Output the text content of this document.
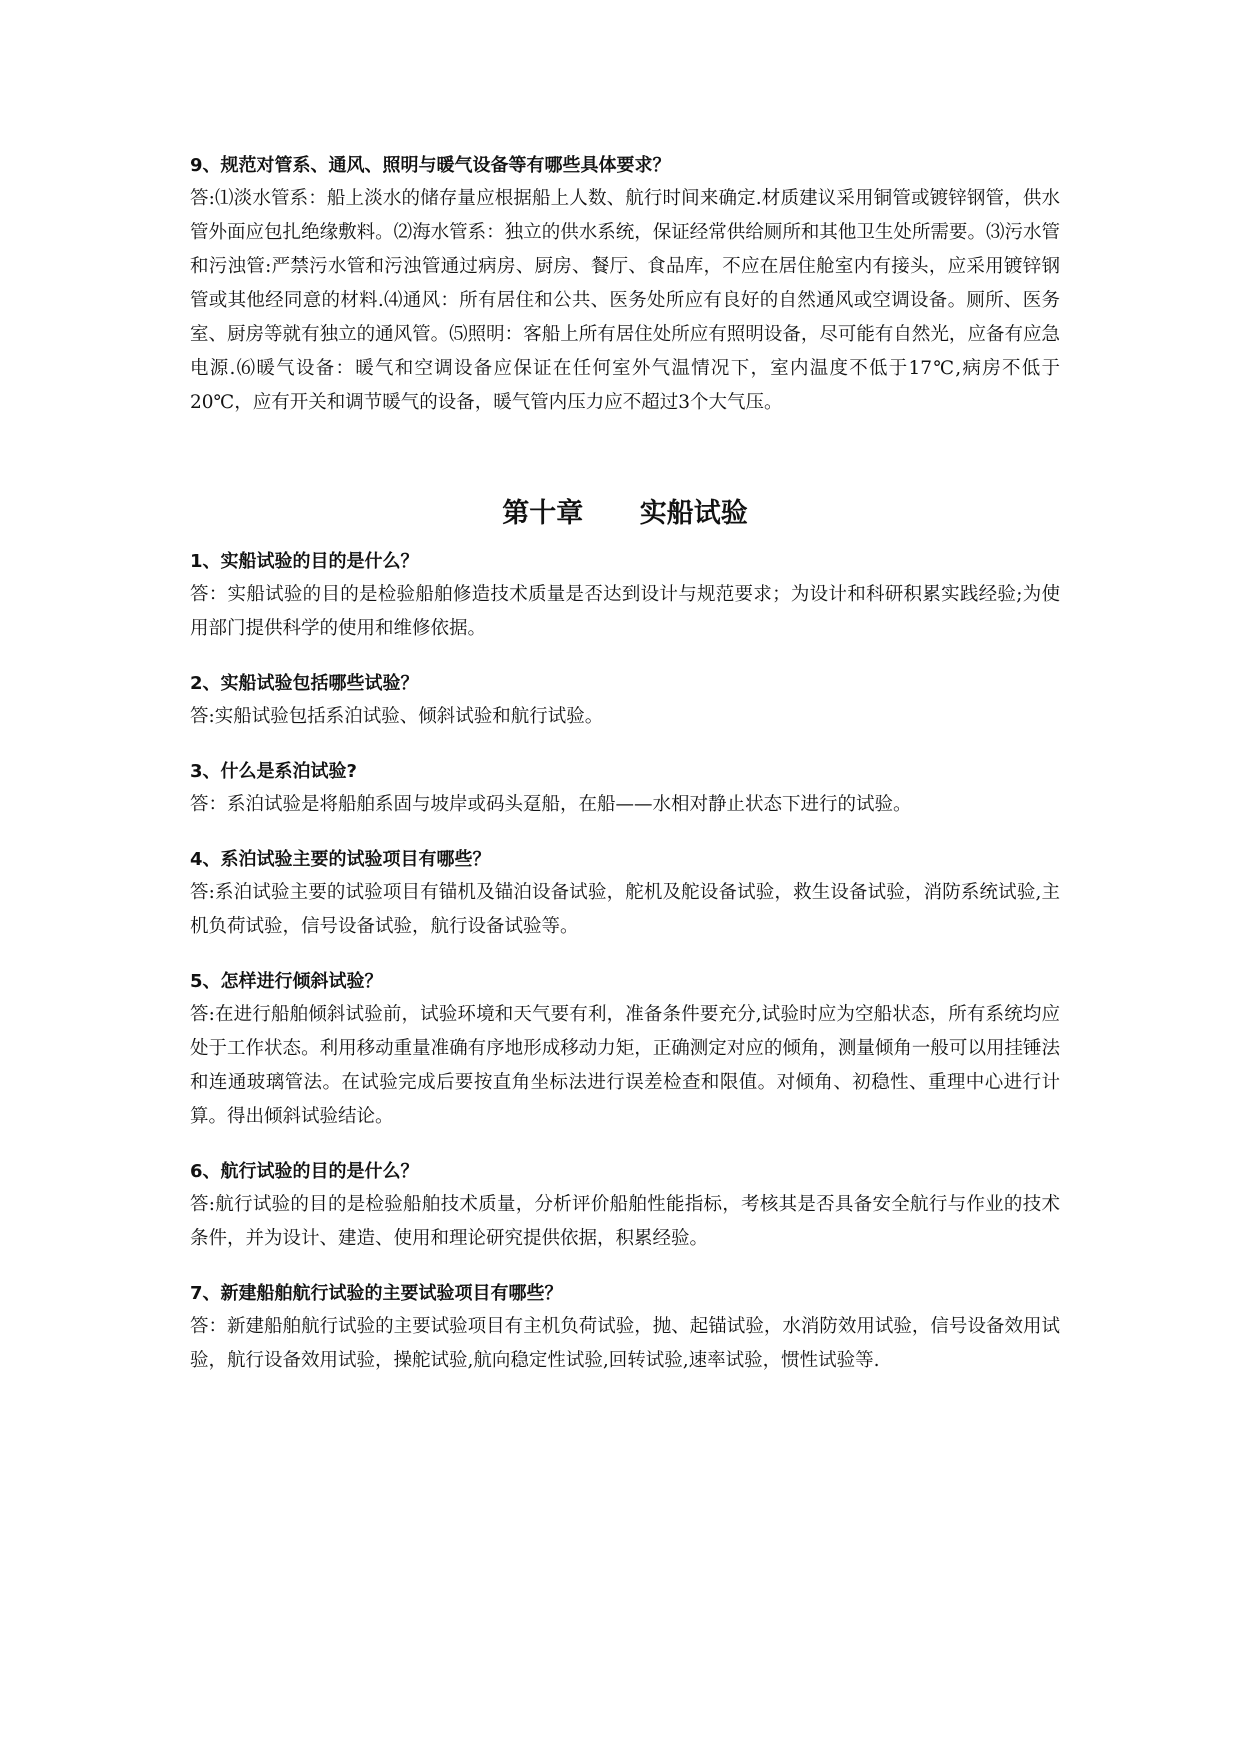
9、规范对管系、通风、照明与暖气设备等有哪些具体要求？

答:⑴淡水管系：船上淡水的储存量应根据船上人数、航行时间来确定.材质建议采用铜管或镀锌钢管，供水管外面应包扎绝缘敷料。⑵海水管系：独立的供水系统，保证经常供给厕所和其他卫生处所需要。⑶污水管和污浊管:严禁污水管和污浊管通过病房、厨房、餐厅、食品库，不应在居住舱室内有接头，应采用镀锌钢管或其他经同意的材料.⑷通风：所有居住和公共、医务处所应有良好的自然通风或空调设备。厕所、医务室、厨房等就有独立的通风管。⑸照明：客船上所有居住处所应有照明设备，尽可能有自然光，应备有应急电源.⑹暖气设备：暖气和空调设备应保证在任何室外气温情况下，室内温度不低于17℃,病房不低于20℃，应有开关和调节暖气的设备，暖气管内压力应不超过3个大气压。

第十章      实船试验

1、实船试验的目的是什么？

答：实船试验的目的是检验船舶修造技术质量是否达到设计与规范要求；为设计和科研积累实践经验;为使用部门提供科学的使用和维修依据。

2、实船试验包括哪些试验？

答:实船试验包括系泊试验、倾斜试验和航行试验。

3、什么是系泊试验?

答：系泊试验是将船舶系固与坡岸或码头趸船，在船——水相对静止状态下进行的试验。

4、系泊试验主要的试验项目有哪些？

答:系泊试验主要的试验项目有锚机及锚泊设备试验，舵机及舵设备试验，救生设备试验，消防系统试验,主机负荷试验，信号设备试验，航行设备试验等。

5、怎样进行倾斜试验？

答:在进行船舶倾斜试验前，试验环境和天气要有利，准备条件要充分,试验时应为空船状态，所有系统均应处于工作状态。利用移动重量准确有序地形成移动力矩，正确测定对应的倾角，测量倾角一般可以用挂锤法和连通玻璃管法。在试验完成后要按直角坐标法进行误差检查和限值。对倾角、初稳性、重理中心进行计算。得出倾斜试验结论。

6、航行试验的目的是什么？

答:航行试验的目的是检验船舶技术质量，分析评价船舶性能指标，考核其是否具备安全航行与作业的技术条件，并为设计、建造、使用和理论研究提供依据，积累经验。

7、新建船舶航行试验的主要试验项目有哪些？

答：新建船舶航行试验的主要试验项目有主机负荷试验，抛、起锚试验，水消防效用试验，信号设备效用试验，航行设备效用试验，操舵试验,航向稳定性试验,回转试验,速率试验，惯性试验等.
